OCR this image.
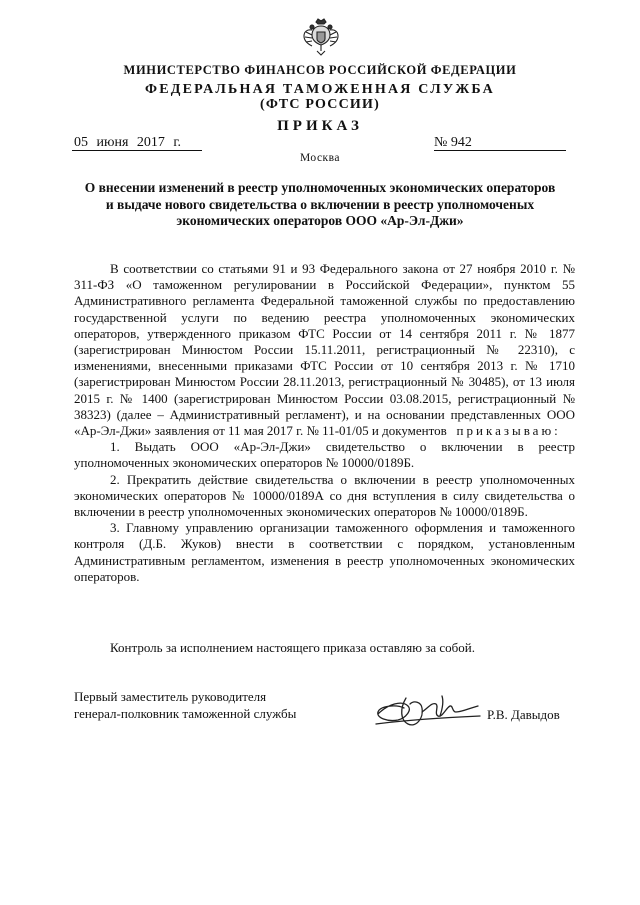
МИНИСТЕРСТВО ФИНАНСОВ РОССИЙСКОЙ ФЕДЕРАЦИИ
ФЕДЕРАЛЬНАЯ ТАМОЖЕННАЯ СЛУЖБА
(ФТС РОССИИ)
ПРИКАЗ
05 июня 2017 г.	№ 942
Москва
О внесении изменений в реестр уполномоченных экономических операторов и выдаче нового свидетельства о включении в реестр уполномоченых экономических операторов ООО «Ар-Эл-Джи»

В соответствии со статьями 91 и 93 Федерального закона от 27 ноября 2010 г. № 311-ФЗ «О таможенном регулировании в Российской Федерации», пунктом 55 Административного регламента Федеральной таможенной службы по предоставлению государственной услуги по ведению реестра уполномоченных экономических операторов, утвержденного приказом ФТС России от 14 сентября 2011 г. № 1877 (зарегистрирован Минюстом России 15.11.2011, регистрационный № 22310), с изменениями, внесенными приказами ФТС России от 10 сентября 2013 г. № 1710 (зарегистрирован Минюстом России 28.11.2013, регистрационный № 30485), от 13 июля 2015 г. № 1400 (зарегистрирован Минюстом России 03.08.2015, регистрационный № 38323) (далее – Административный регламент), и на основании представленных ООО «Ар-Эл-Джи» заявления от 11 мая 2017 г. № 11-01/05 и документов приказываю:

1. Выдать ООО «Ар-Эл-Джи» свидетельство о включении в реестр уполномоченных экономических операторов № 10000/0189Б.

2. Прекратить действие свидетельства о включении в реестр уполномоченных экономических операторов № 10000/0189А со дня вступления в силу свидетельства о включении в реестр уполномоченных экономических операторов № 10000/0189Б.

3. Главному управлению организации таможенного оформления и таможенного контроля (Д.Б. Жуков) внести в соответствии с порядком, установленным Административным регламентом, изменения в реестр уполномоченных экономических операторов.

Контроль за исполнением настоящего приказа оставляю за собой.
Первый заместитель руководителя
генерал-полковник таможенной службы	Р.В. Давыдов
